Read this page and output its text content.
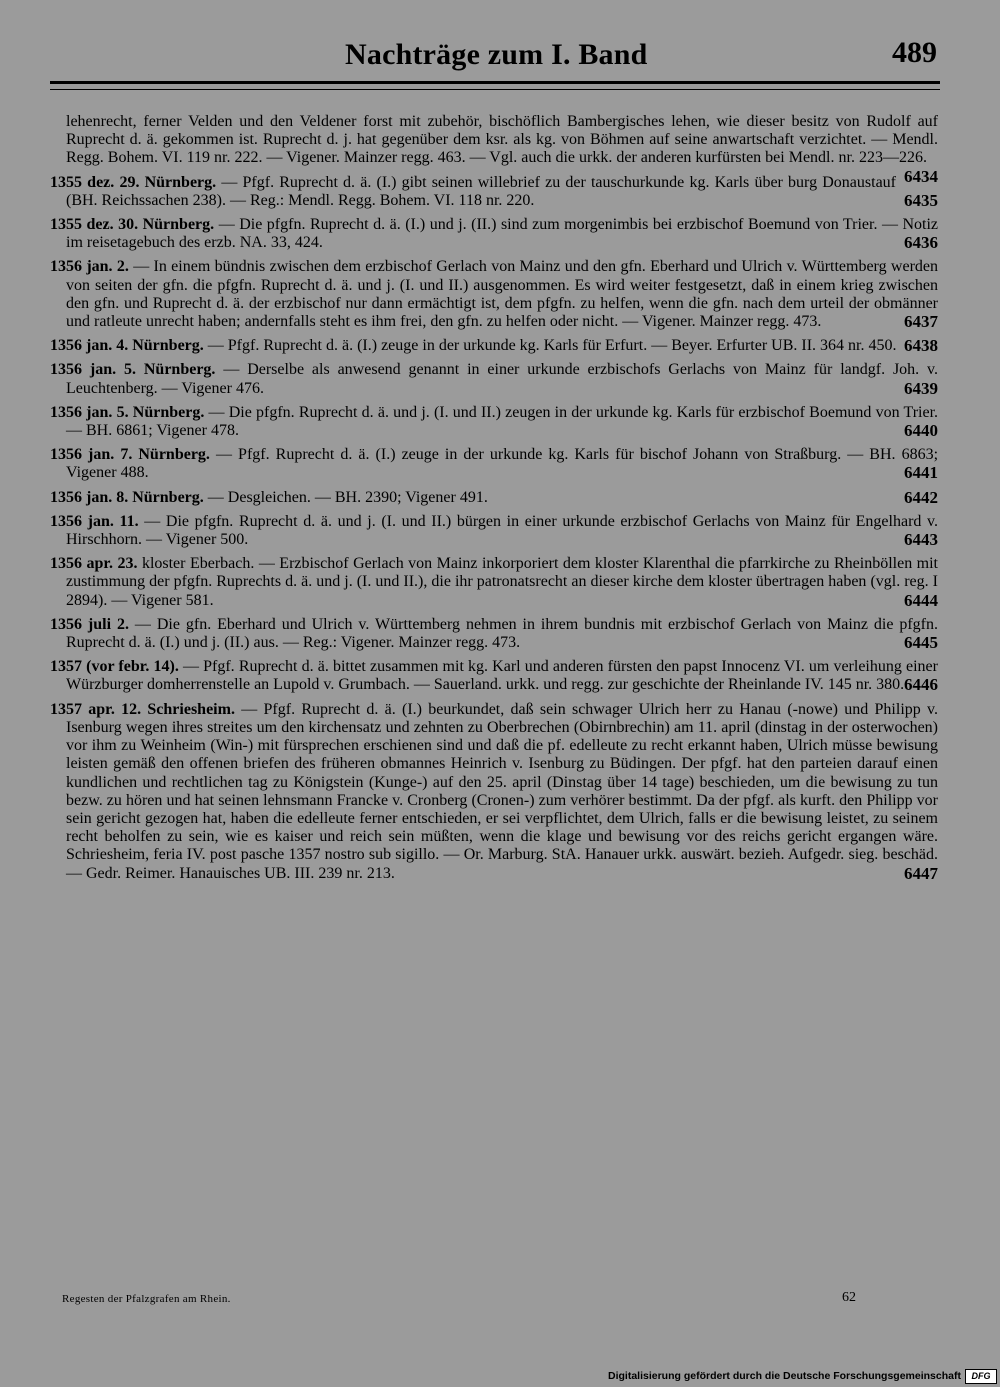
Nachträge zum I. Band	489

lehenrecht, ferner Velden und den Veldener forst mit zubehör, bischöflich Bambergisches lehen, wie dieser besitz von Rudolf auf Ruprecht d. ä. gekommen ist. Ruprecht d. j. hat gegenüber dem ksr. als kg. von Böhmen auf seine anwartschaft verzichtet. — Mendl. Regg. Bohem. VI. 119 nr. 222. — Vigener. Mainzer regg. 463. — Vgl. auch die urkk. der anderen kurfürsten bei Mendl. nr. 223—226.
6434

1355 dez. 29. Nürnberg. — Pfgf. Ruprecht d. ä. (I.) gibt seinen willebrief zu der tauschurkunde kg. Karls über burg Donaustauf (BH. Reichssachen 238). — Reg.: Mendl. Regg. Bohem. VI. 118 nr. 220.	6435

1355 dez. 30. Nürnberg. — Die pfgfn. Ruprecht d. ä. (I.) und j. (II.) sind zum morgenimbis bei erzbischof Boemund von Trier. — Notiz im reisetagebuch des erzb. NA. 33, 424.	6436

1356 jan. 2. — In einem bündnis zwischen dem erzbischof Gerlach von Mainz und den gfn. Eberhard und Ulrich v. Württemberg werden von seiten der gfn. die pfgfn. Ruprecht d. ä. und j. (I. und II.) ausgenommen. Es wird weiter festgesetzt, daß in einem krieg zwischen den gfn. und Ruprecht d. ä. der erzbischof nur dann ermächtigt ist, dem pfgfn. zu helfen, wenn die gfn. nach dem urteil der obmänner und ratleute unrecht haben; andernfalls steht es ihm frei, den gfn. zu helfen oder nicht. — Vigener. Mainzer regg. 473.	6437

1356 jan. 4. Nürnberg. — Pfgf. Ruprecht d. ä. (I.) zeuge in der urkunde kg. Karls für Erfurt. — Beyer. Erfurter UB. II. 364 nr. 450. 6438

1356 jan. 5. Nürnberg. — Derselbe als anwesend genannt in einer urkunde erzbischofs Gerlachs von Mainz für landgf. Joh. v. Leuchtenberg. — Vigener 476.	6439

1356 jan. 5. Nürnberg. — Die pfgfn. Ruprecht d. ä. und j. (I. und II.) zeugen in der urkunde kg. Karls für erzbischof Boemund von Trier. — BH. 6861; Vigener 478.	6440

1356 jan. 7. Nürnberg. — Pfgf. Ruprecht d. ä. (I.) zeuge in der urkunde kg. Karls für bischof Johann von Straßburg. — BH. 6863; Vigener 488.	6441

1356 jan. 8. Nürnberg. — Desgleichen. — BH. 2390; Vigener 491.	6442

1356 jan. 11. — Die pfgfn. Ruprecht d. ä. und j. (I. und II.) bürgen in einer urkunde erzbischof Gerlachs von Mainz für Engelhard v. Hirschhorn. — Vigener 500.	6443

1356 apr. 23. kloster Eberbach. — Erzbischof Gerlach von Mainz inkorporiert dem kloster Klarenthal die pfarrkirche zu Rheinböllen mit zustimmung der pfgfn. Ruprechts d. ä. und j. (I. und II.), die ihr patronatsrecht an dieser kirche dem kloster übertragen haben (vgl. reg. I 2894). — Vigener 581.	6444

1356 juli 2. — Die gfn. Eberhard und Ulrich v. Württemberg nehmen in ihrem bundnis mit erzbischof Gerlach von Mainz die pfgfn. Ruprecht d. ä. (I.) und j. (II.) aus. — Reg.: Vigener. Mainzer regg. 473.	6445

1357 (vor febr. 14). — Pfgf. Ruprecht d. ä. bittet zusammen mit kg. Karl und anderen fürsten den papst Innocenz VI. um verleihung einer Würzburger domherrenstelle an Lupold v. Grumbach. — Sauerland. urkk. und regg. zur geschichte der Rheinlande IV. 145 nr. 380. 6446

1357 apr. 12. Schriesheim. — Pfgf. Ruprecht d. ä. (I.) beurkundet, daß sein schwager Ulrich herr zu Hanau (-nowe) und Philipp v. Isenburg wegen ihres streites um den kirchensatz und zehnten zu Oberbrechen (Obirnbrechin) am 11. april (dinstag in der osterwochen) vor ihm zu Weinheim (Win-) mit fürsprechen erschienen sind und daß die pf. edelleute zu recht erkannt haben, Ulrich müsse bewisung leisten gemäß den offenen briefen des früheren obmannes Heinrich v. Isenburg zu Büdingen. Der pfgf. hat den parteien darauf einen kundlichen und rechtlichen tag zu Königstein (Kunge-) auf den 25. april (Dinstag über 14 tage) beschieden, um die bewisung zu tun bezw. zu hören und hat seinen lehnsmann Francke v. Cronberg (Cronen-) zum verhörer bestimmt. Da der pfgf. als kurft. den Philipp vor sein gericht gezogen hat, haben die edelleute ferner entschieden, er sei verpflichtet, dem Ulrich, falls er die bewisung leistet, zu seinem recht beholfen zu sein, wie es kaiser und reich sein müßten, wenn die klage und bewisung vor des reichs gericht ergangen wäre. Schriesheim, feria IV. post pasche 1357 nostro sub sigillo. — Or. Marburg. StA. Hanauer urkk. auswärt. bezieh. Aufgedr. sieg. beschäd. — Gedr. Reimer. Hanauisches UB. III. 239 nr. 213.	6447

Regesten der Pfalzgrafen am Rhein.	62
Digitalisierung gefördert durch die Deutsche Forschungsgemeinschaft	DFG
